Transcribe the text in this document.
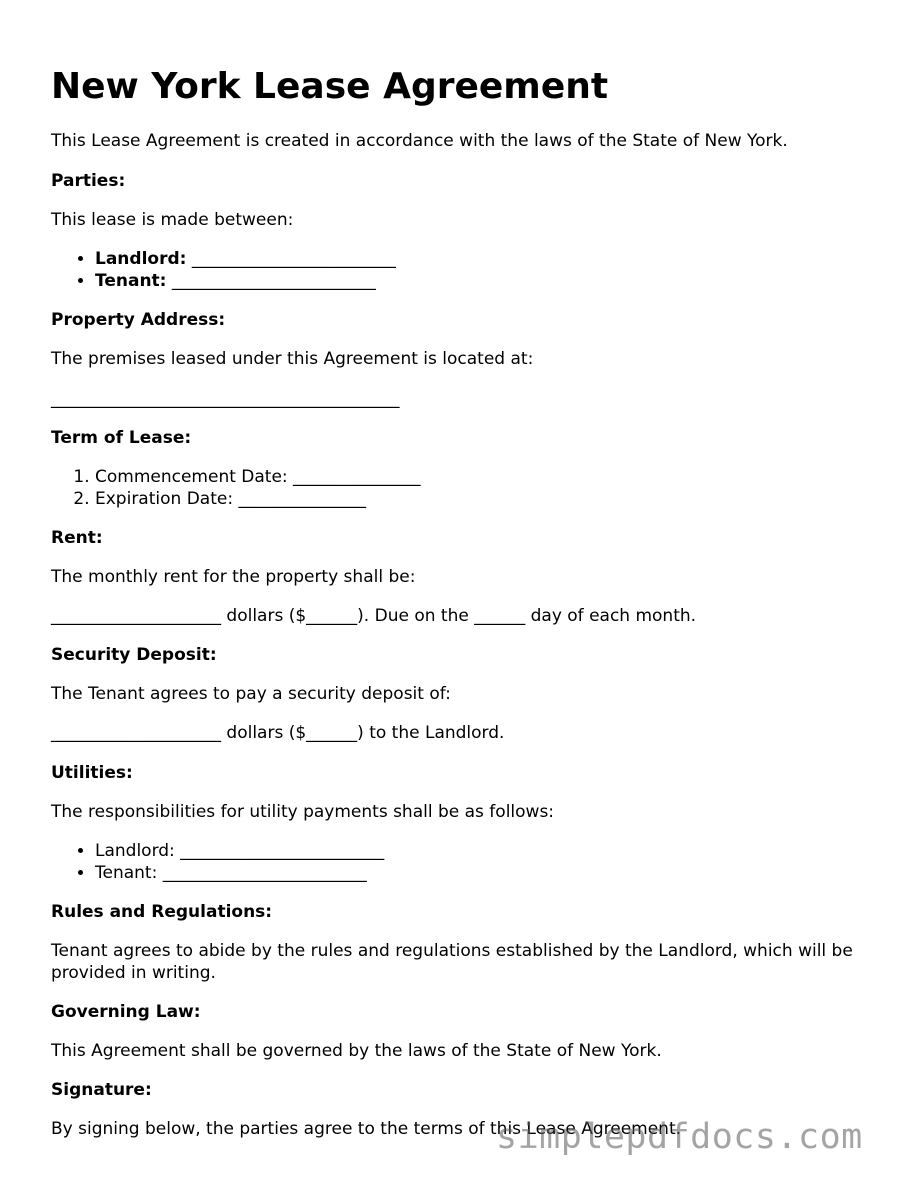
New York Lease Agreement

This Lease Agreement is created in accordance with the laws of the State of New York.

Parties:

This lease is made between:

• Landlord: ________________________
• Tenant: ________________________

Property Address:

The premises leased under this Agreement is located at:

_________________________________________

Term of Lease:

1. Commencement Date: _______________
2. Expiration Date: _______________

Rent:

The monthly rent for the property shall be:

____________________ dollars ($______). Due on the ______ day of each month.

Security Deposit:

The Tenant agrees to pay a security deposit of:

____________________ dollars ($______) to the Landlord.

Utilities:

The responsibilities for utility payments shall be as follows:

• Landlord: ________________________
• Tenant: ________________________

Rules and Regulations:

Tenant agrees to abide by the rules and regulations established by the Landlord, which will be provided in writing.

Governing Law:

This Agreement shall be governed by the laws of the State of New York.

Signature:

By signing below, the parties agree to the terms of this Lease Agreement.

simplepdfdocs.com
